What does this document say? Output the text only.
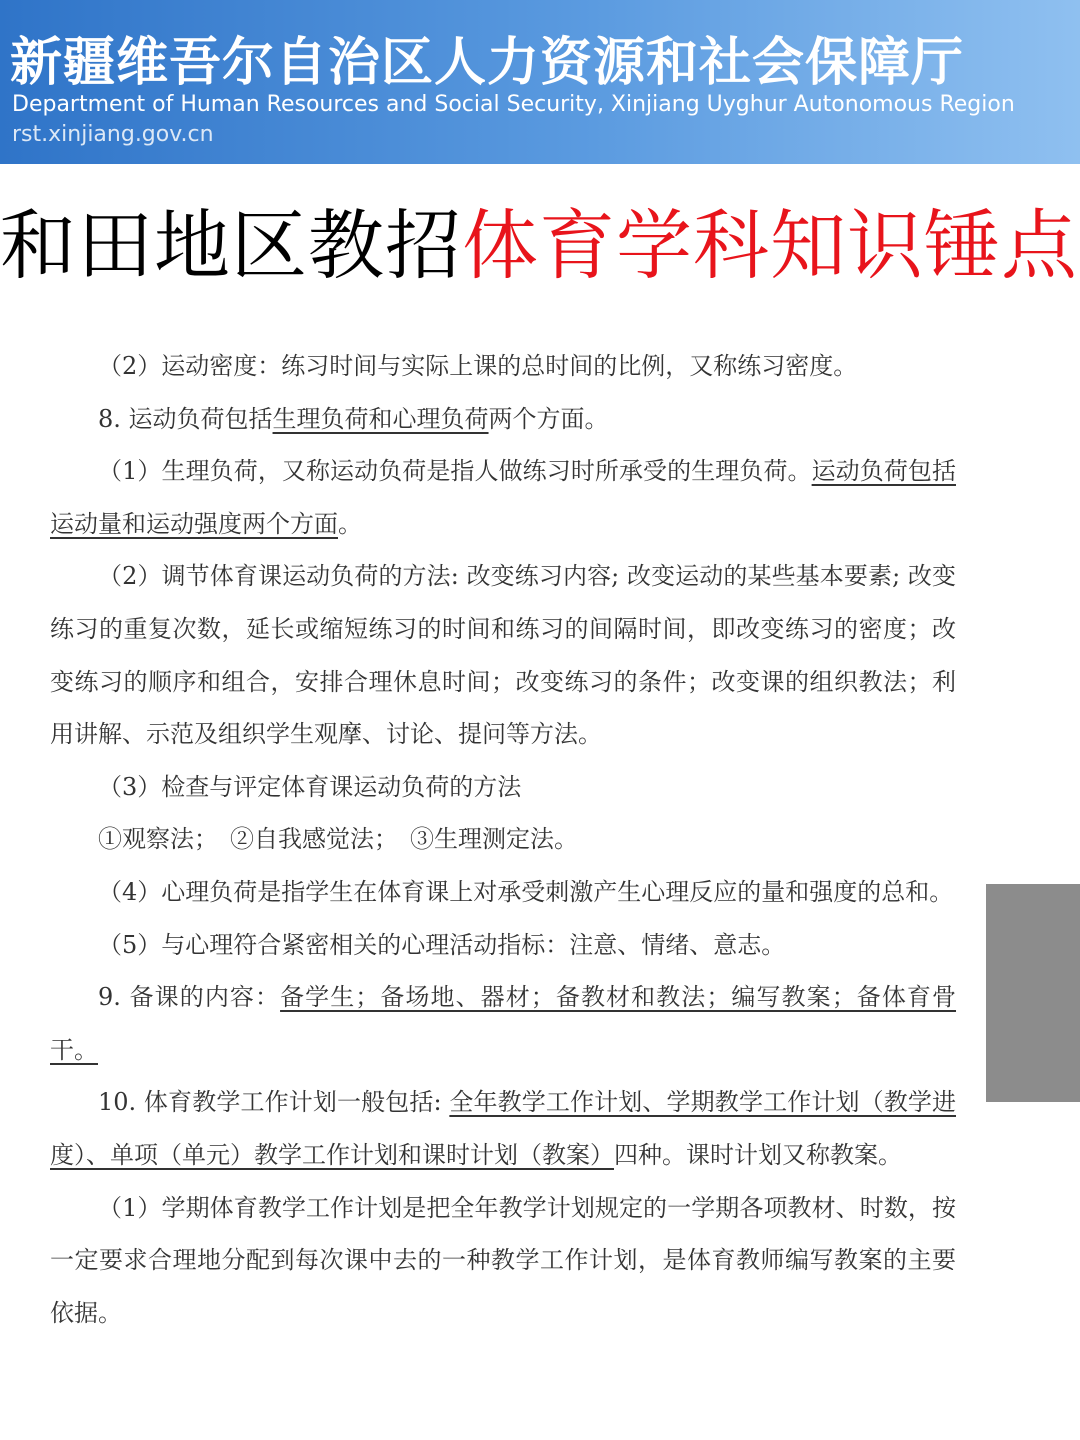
新疆维吾尔自治区人力资源和社会保障厅
Department of Human Resources and Social Security, Xinjiang Uyghur Autonomous Region
rst.xinjiang.gov.cn
和田地区教招体育学科知识锤点

（2）运动密度：练习时间与实际上课的总时间的比例，又称练习密度。

8. 运动负荷包括生理负荷和心理负荷两个方面。

（1）生理负荷，又称运动负荷是指人做练习时所承受的生理负荷。运动负荷包括运动量和运动强度两个方面。

（2）调节体育课运动负荷的方法: 改变练习内容; 改变运动的某些基本要素; 改变练习的重复次数，延长或缩短练习的时间和练习的间隔时间，即改变练习的密度；改变练习的顺序和组合，安排合理休息时间；改变练习的条件；改变课的组织教法；利用讲解、示范及组织学生观摩、讨论、提问等方法。

（3）检查与评定体育课运动负荷的方法

①观察法；　②自我感觉法；　③生理测定法。

（4）心理负荷是指学生在体育课上对承受刺激产生心理反应的量和强度的总和。

（5）与心理符合紧密相关的心理活动指标：注意、情绪、意志。

9. 备课的内容：备学生；备场地、器材；备教材和教法；编写教案；备体育骨干。

10. 体育教学工作计划一般包括: 全年教学工作计划、学期教学工作计划（教学进度）、单项（单元）教学工作计划和课时计划（教案）四种。课时计划又称教案。

（1）学期体育教学工作计划是把全年教学计划规定的一学期各项教材、时数，按一定要求合理地分配到每次课中去的一种教学工作计划，是体育教师编写教案的主要依据。
